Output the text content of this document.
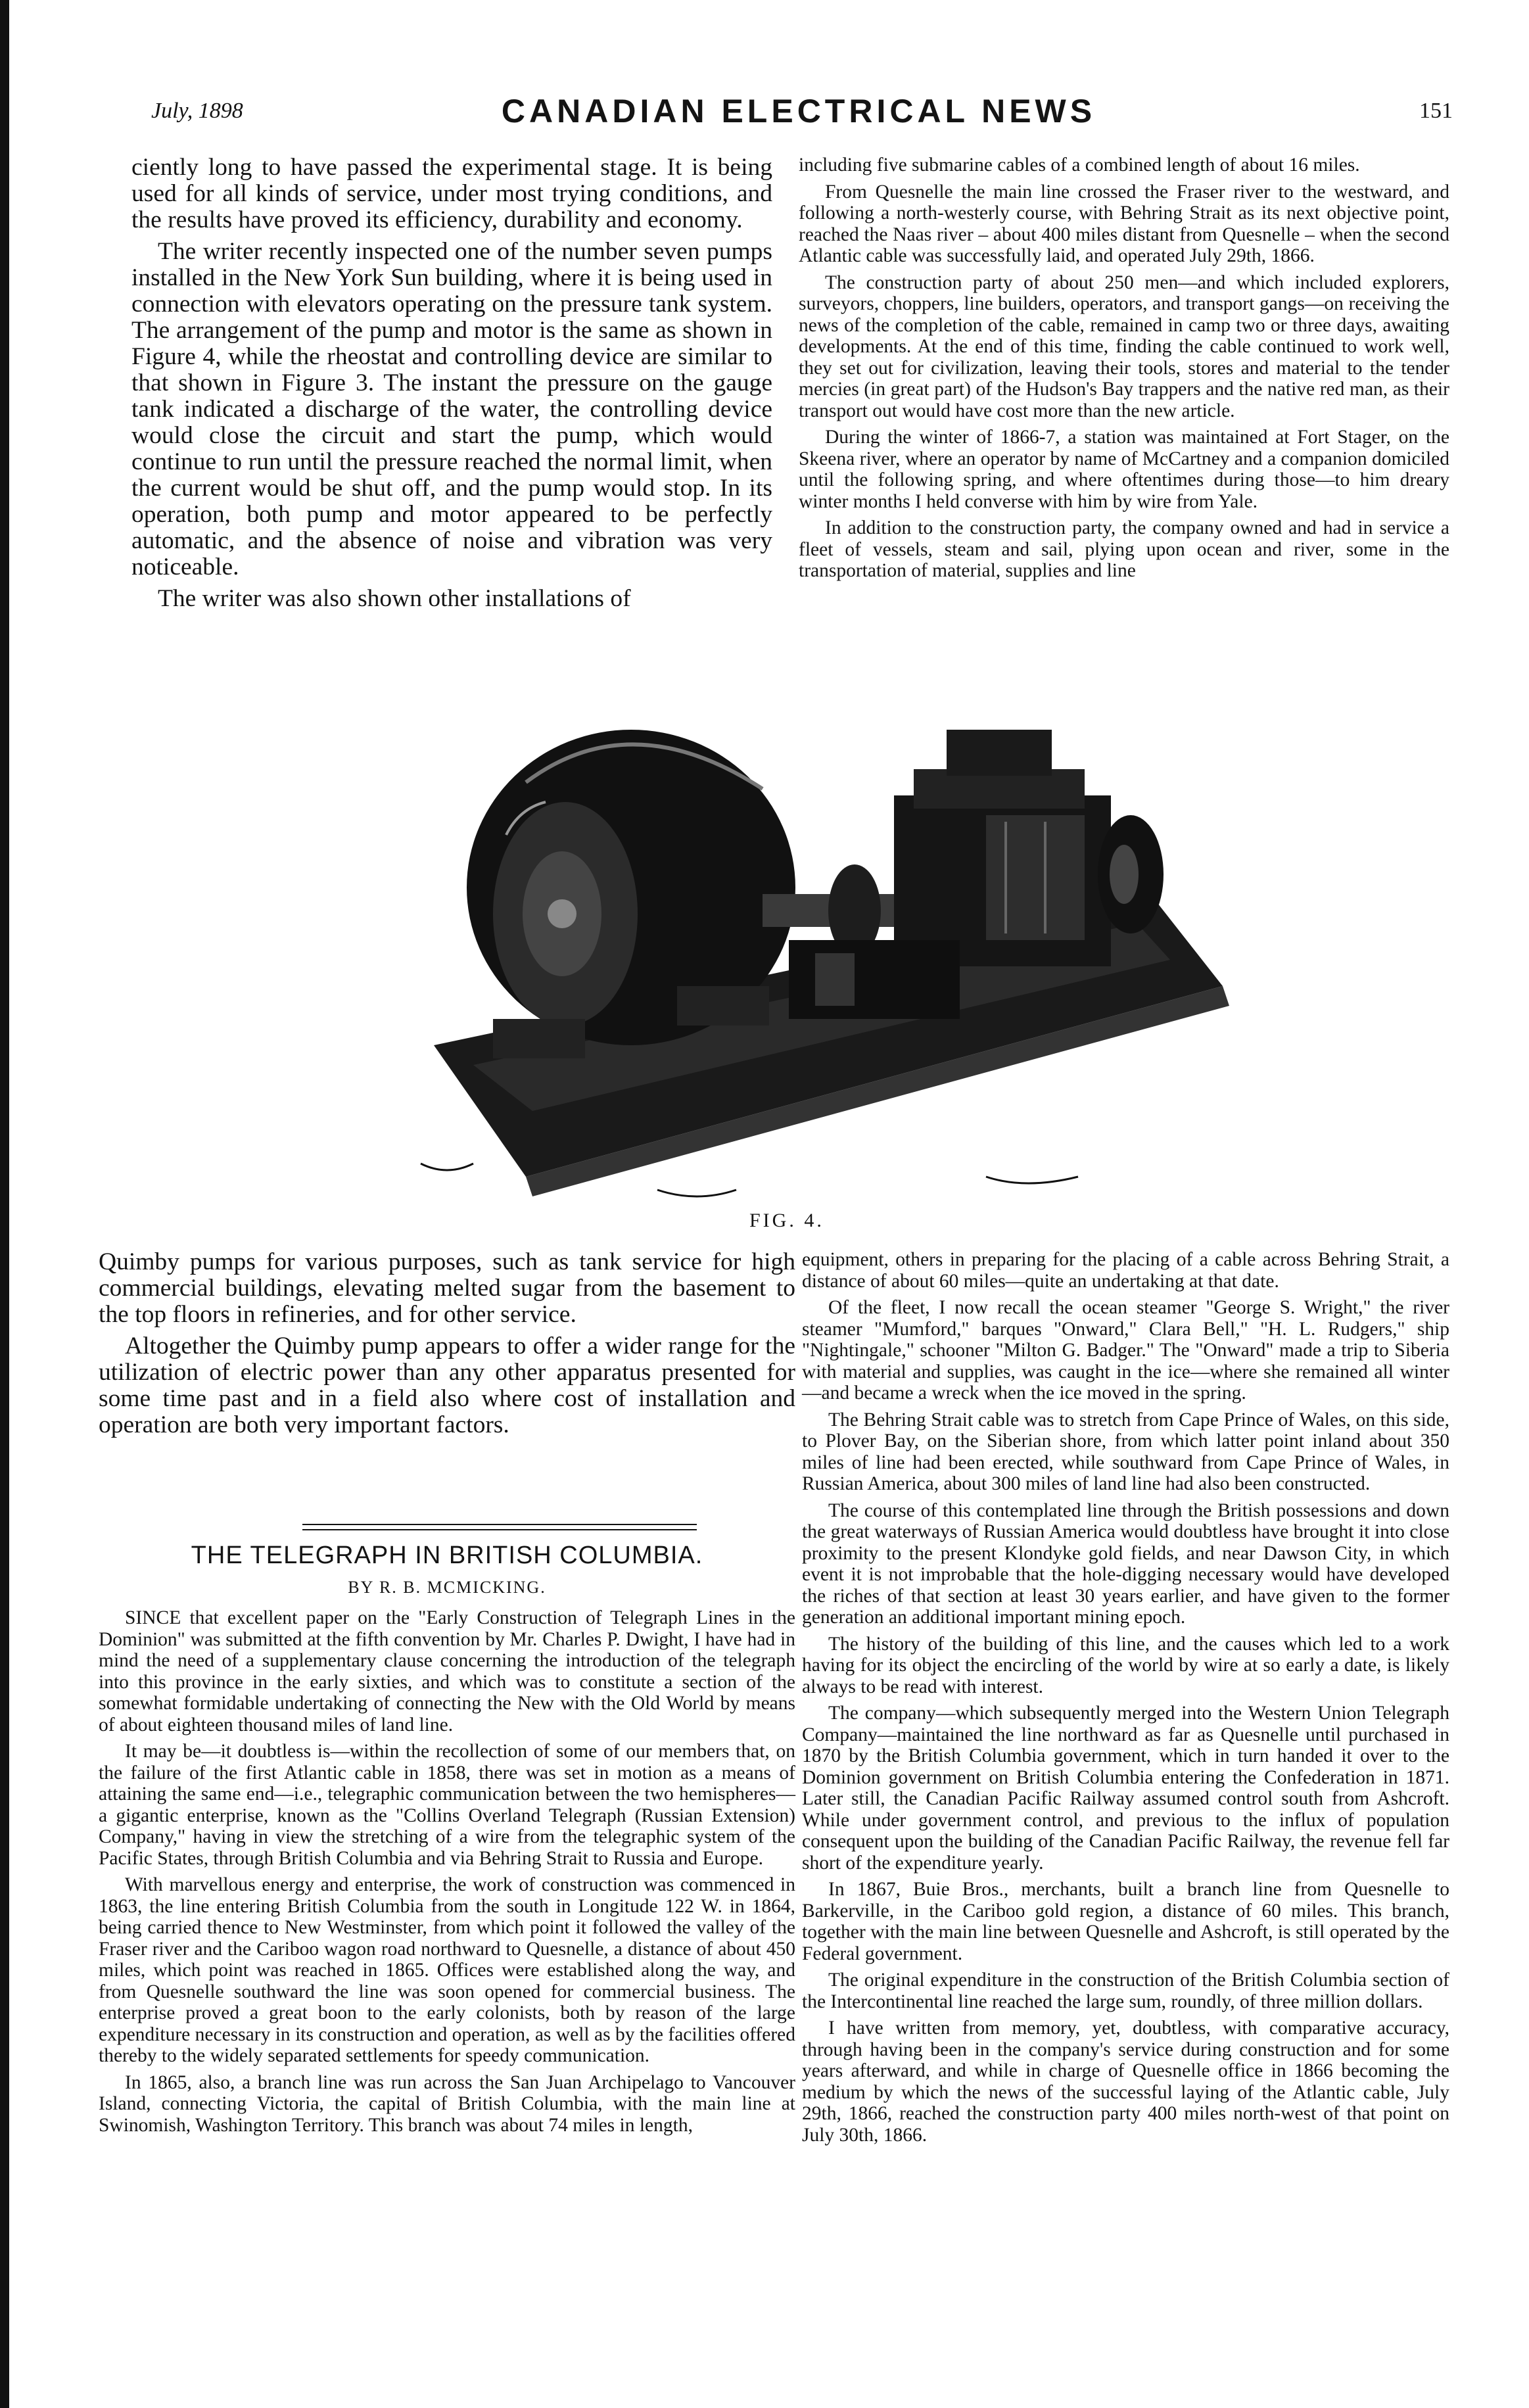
July, 1898	CANADIAN ELECTRICAL NEWS	151

ciently long to have passed the experimental stage. It is being used for all kinds of service, under most trying conditions, and the results have proved its efficiency, durability and economy.

The writer recently inspected one of the number seven pumps installed in the New York Sun building, where it is being used in connection with elevators operating on the pressure tank system. The arrangement of the pump and motor is the same as shown in Figure 4, while the rheostat and controlling device are similar to that shown in Figure 3. The instant the pressure on the gauge tank indicated a discharge of the water, the controlling device would close the circuit and start the pump, which would continue to run until the pressure reached the normal limit, when the current would be shut off, and the pump would stop. In its operation, both pump and motor appeared to be perfectly automatic, and the absence of noise and vibration was very noticeable.

The writer was also shown other installations of

including five submarine cables of a combined length of about 16 miles.

From Quesnelle the main line crossed the Fraser river to the westward, and following a north-westerly course, with Behring Strait as its next objective point, reached the Naas river – about 400 miles distant from Quesnelle – when the second Atlantic cable was successfully laid, and operated July 29th, 1866.

The construction party of about 250 men—and which included explorers, surveyors, choppers, line builders, operators, and transport gangs—on receiving the news of the completion of the cable, remained in camp two or three days, awaiting developments. At the end of this time, finding the cable continued to work well, they set out for civilization, leaving their tools, stores and material to the tender mercies (in great part) of the Hudson's Bay trappers and the native red man, as their transport out would have cost more than the new article.

During the winter of 1866-7, a station was maintained at Fort Stager, on the Skeena river, where an operator by name of McCartney and a companion domiciled until the following spring, and where oftentimes during those—to him dreary winter months I held converse with him by wire from Yale.

In addition to the construction party, the company owned and had in service a fleet of vessels, steam and sail, plying upon ocean and river, some in the transportation of material, supplies and line

FIG. 4.

Quimby pumps for various purposes, such as tank service for high commercial buildings, elevating melted sugar from the basement to the top floors in refineries, and for other service.

Altogether the Quimby pump appears to offer a wider range for the utilization of electric power than any other apparatus presented for some time past and in a field also where cost of installation and operation are both very important factors.

THE TELEGRAPH IN BRITISH COLUMBIA.
BY R. B. MCMICKING.

SINCE that excellent paper on the "Early Construction of Telegraph Lines in the Dominion" was submitted at the fifth convention by Mr. Charles P. Dwight, I have had in mind the need of a supplementary clause concerning the introduction of the telegraph into this province in the early sixties, and which was to constitute a section of the somewhat formidable undertaking of connecting the New with the Old World by means of about eighteen thousand miles of land line.

It may be—it doubtless is—within the recollection of some of our members that, on the failure of the first Atlantic cable in 1858, there was set in motion as a means of attaining the same end—i.e., telegraphic communication between the two hemispheres—a gigantic enterprise, known as the "Collins Overland Telegraph (Russian Extension) Company," having in view the stretching of a wire from the telegraphic system of the Pacific States, through British Columbia and via Behring Strait to Russia and Europe.

With marvellous energy and enterprise, the work of construction was commenced in 1863, the line entering British Columbia from the south in Longitude 122 W. in 1864, being carried thence to New Westminster, from which point it followed the valley of the Fraser river and the Cariboo wagon road northward to Quesnelle, a distance of about 450 miles, which point was reached in 1865. Offices were established along the way, and from Quesnelle southward the line was soon opened for commercial business. The enterprise proved a great boon to the early colonists, both by reason of the large expenditure necessary in its construction and operation, as well as by the facilities offered thereby to the widely separated settlements for speedy communication.

In 1865, also, a branch line was run across the San Juan Archipelago to Vancouver Island, connecting Victoria, the capital of British Columbia, with the main line at Swinomish, Washington Territory. This branch was about 74 miles in length,

equipment, others in preparing for the placing of a cable across Behring Strait, a distance of about 60 miles—quite an undertaking at that date.

Of the fleet, I now recall the ocean steamer "George S. Wright," the river steamer "Mumford," barques "Onward," Clara Bell," "H. L. Rudgers," ship "Nightingale," schooner "Milton G. Badger." The "Onward" made a trip to Siberia with material and supplies, was caught in the ice—where she remained all winter—and became a wreck when the ice moved in the spring.

The Behring Strait cable was to stretch from Cape Prince of Wales, on this side, to Plover Bay, on the Siberian shore, from which latter point inland about 350 miles of line had been erected, while southward from Cape Prince of Wales, in Russian America, about 300 miles of land line had also been constructed.

The course of this contemplated line through the British possessions and down the great waterways of Russian America would doubtless have brought it into close proximity to the present Klondyke gold fields, and near Dawson City, in which event it is not improbable that the hole-digging necessary would have developed the riches of that section at least 30 years earlier, and have given to the former generation an additional important mining epoch.

The history of the building of this line, and the causes which led to a work having for its object the encircling of the world by wire at so early a date, is likely always to be read with interest.

The company—which subsequently merged into the Western Union Telegraph Company—maintained the line northward as far as Quesnelle until purchased in 1870 by the British Columbia government, which in turn handed it over to the Dominion government on British Columbia entering the Confederation in 1871. Later still, the Canadian Pacific Railway assumed control south from Ashcroft. While under government control, and previous to the influx of population consequent upon the building of the Canadian Pacific Railway, the revenue fell far short of the expenditure yearly.

In 1867, Buie Bros., merchants, built a branch line from Quesnelle to Barkerville, in the Cariboo gold region, a distance of 60 miles. This branch, together with the main line between Quesnelle and Ashcroft, is still operated by the Federal government.

The original expenditure in the construction of the British Columbia section of the Intercontinental line reached the large sum, roundly, of three million dollars.

I have written from memory, yet, doubtless, with comparative accuracy, through having been in the company's service during construction and for some years afterward, and while in charge of Quesnelle office in 1866 becoming the medium by which the news of the successful laying of the Atlantic cable, July 29th, 1866, reached the construction party 400 miles north-west of that point on July 30th, 1866.
